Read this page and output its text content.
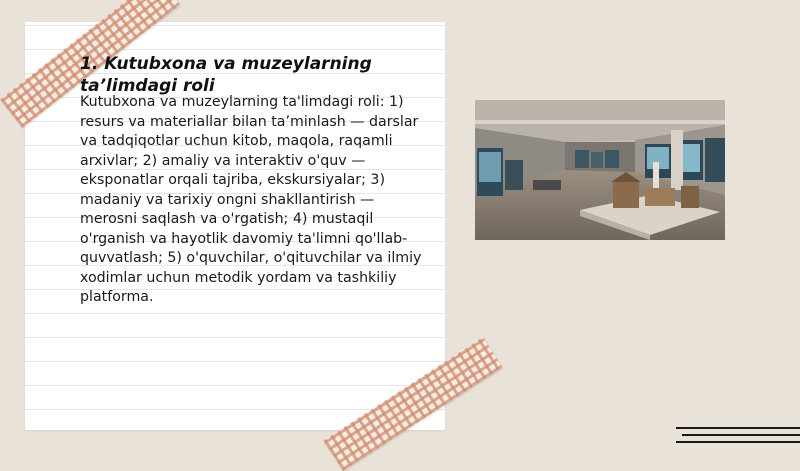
1. Kutubxona va muzeylarning ta’limdagi roli

Kutubxona va muzeylarning ta'limdagi roli: 1) resurs va materiallar bilan ta’minlash — darslar va tadqiqotlar uchun kitob, maqola, raqamli arxivlar; 2) amaliy va interaktiv o'quv — eksponatlar orqali tajriba, ekskursiyalar; 3) madaniy va tarixiy ongni shakllantirish — merosni saqlash va o'rgatish; 4) mustaqil o'rganish va hayotlik davomiy ta'limni qo'llab-quvvatlash; 5) o'quvchilar, o'qituvchilar va ilmiy xodimlar uchun metodik yordam va tashkiliy platforma.
